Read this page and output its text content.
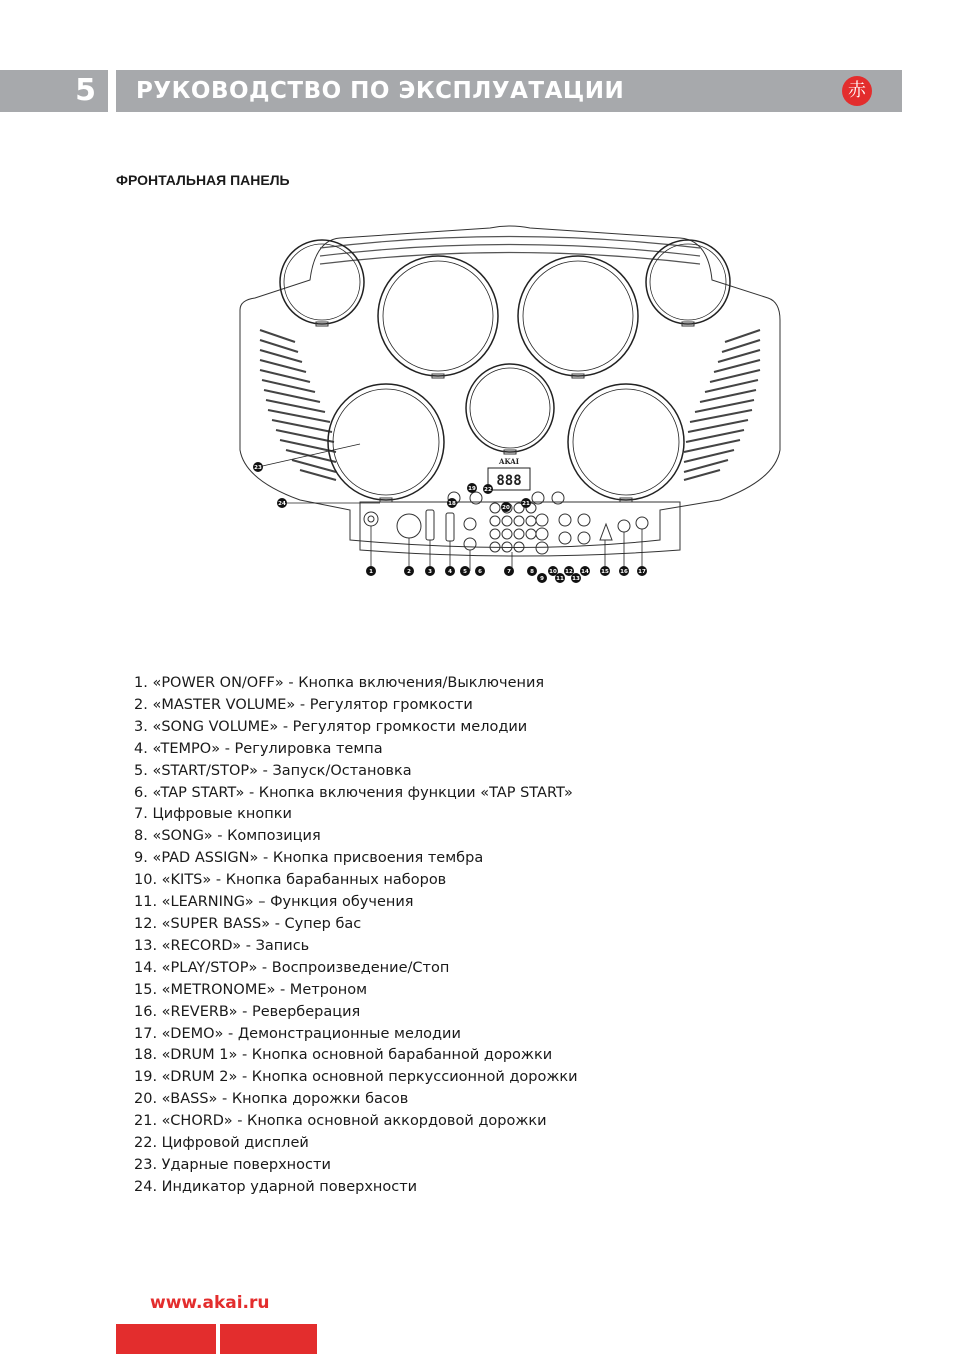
5 РУКОВОДСТВО ПО ЭКСПЛУАТАЦИИ	赤
ФРОНТАЛЬНАЯ ПАНЕЛЬ
AKAI
888
1	2	3	4 5 6	7	8
9
10
11
12
13
14 15 16 17
18
19
20
21
22
23
24
1. «POWER ON/OFF» - Кнопка включения/Выключения
2. «MASTER VOLUME» - Регулятор громкости
3. «SONG VOLUME» - Регулятор громкости мелодии
4. «TEMPO» - Регулировка темпа
5. «START/STOP» - Запуск/Остановка
6. «TAP START» - Кнопка включения функции «TAP START»
7. Цифровые кнопки
8. «SONG» - Композиция
9. «PAD ASSIGN» - Кнопка присвоения тембра
10. «KITS» - Кнопка барабанных наборов
11. «LEARNING» – Функция обучения
12. «SUPER BASS» - Супер бас
13. «RECORD» - Запись
14. «PLAY/STOP» - Воспроизведение/Стоп
15. «METRONOME» - Метроном
16. «REVERB» - Реверберация
17. «DEMO» - Демонстрационные мелодии
18. «DRUM 1» - Кнопка основной барабанной дорожки
19. «DRUM 2» - Кнопка основной перкуссионной дорожки
20. «BASS» - Кнопка дорожки басов
21. «CHORD» - Кнопка основной аккордовой дорожки
22. Цифровой дисплей
23. Ударные поверхности
24. Индикатор ударной поверхности
www.akai.ru
